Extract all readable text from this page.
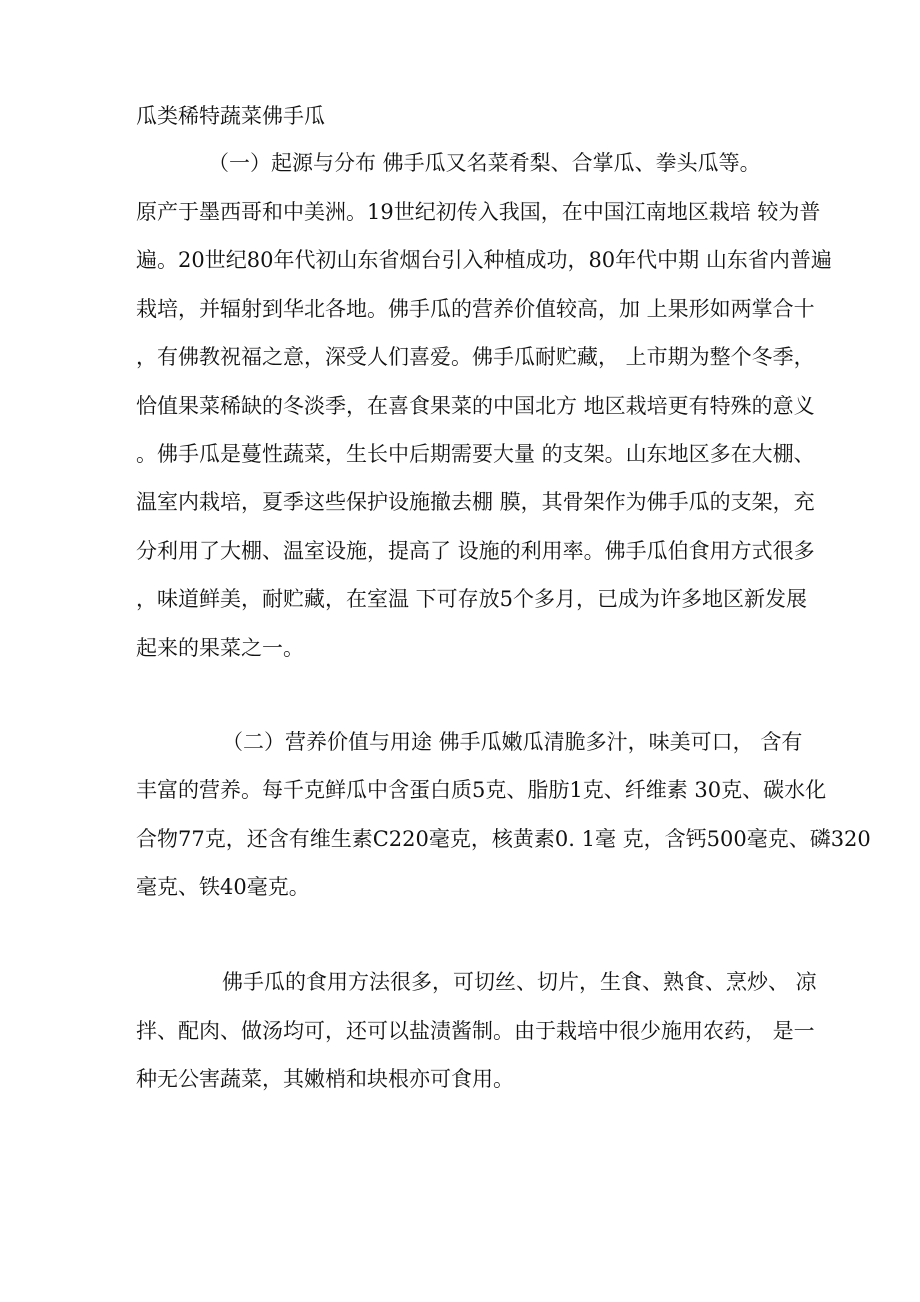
瓜类稀特蔬菜佛手瓜
（一）起源与分布 佛手瓜又名菜肴梨、合掌瓜、拳头瓜等。
原产于墨西哥和中美洲。19世纪初传入我国，在中国江南地区栽培 较为普
遍。20世纪80年代初山东省烟台引入种植成功，80年代中期 山东省内普遍
栽培，并辐射到华北各地。佛手瓜的营养价值较高，加 上果形如两掌合十
，有佛教祝福之意，深受人们喜爱。佛手瓜耐贮藏， 上市期为整个冬季，
恰值果菜稀缺的冬淡季，在喜食果菜的中国北方 地区栽培更有特殊的意义
。佛手瓜是蔓性蔬菜，生长中后期需要大量 的支架。山东地区多在大棚、
温室内栽培，夏季这些保护设施撤去棚 膜，其骨架作为佛手瓜的支架，充
分利用了大棚、温室设施，提高了 设施的利用率。佛手瓜伯食用方式很多
，味道鲜美，耐贮藏，在室温 下可存放5个多月，已成为许多地区新发展
起来的果菜之一。
（二）营养价值与用途 佛手瓜嫩瓜清脆多汁，味美可口， 含有
丰富的营养。每千克鲜瓜中含蛋白质5克、脂肪1克、纤维素 30克、碳水化
合物77克，还含有维生素C220毫克，核黄素0. 1毫 克，含钙500毫克、磷320
毫克、铁40毫克。
佛手瓜的食用方法很多，可切丝、切片，生食、熟食、烹炒、 凉
拌、配肉、做汤均可，还可以盐渍酱制。由于栽培中很少施用农药， 是一
种无公害蔬菜，其嫩梢和块根亦可食用。
